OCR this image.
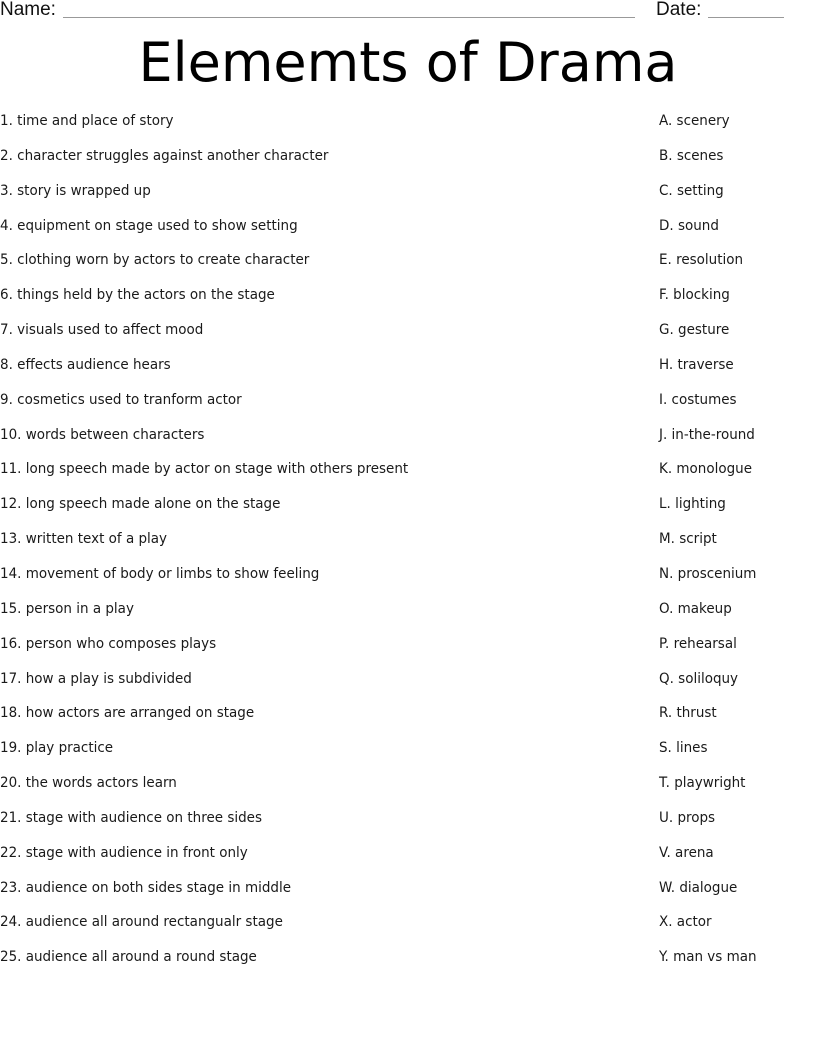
Name:	Date:
Elememts of Drama
1. time and place of story
2. character struggles against another character
3. story is wrapped up
4. equipment on stage used to show setting
5. clothing worn by actors to create character
6. things held by the actors on the stage
7. visuals used to affect mood
8. effects audience hears
9. cosmetics used to tranform actor
10. words between characters
11. long speech made by actor on stage with others present
12. long speech made alone on the stage
13. written text of a play
14. movement of body or limbs to show feeling
15. person in a play
16. person who composes plays
17. how a play is subdivided
18. how actors are arranged on stage
19. play practice
20. the words actors learn
21. stage with audience on three sides
22. stage with audience in front only
23. audience on both sides stage in middle
24. audience all around rectangualr stage
25. audience all around a round stage
A. scenery
B. scenes
C. setting
D. sound
E. resolution
F. blocking
G. gesture
H. traverse
I. costumes
J. in-the-round
K. monologue
L. lighting
M. script
N. proscenium
O. makeup
P. rehearsal
Q. soliloquy
R. thrust
S. lines
T. playwright
U. props
V. arena
W. dialogue
X. actor
Y. man vs man
